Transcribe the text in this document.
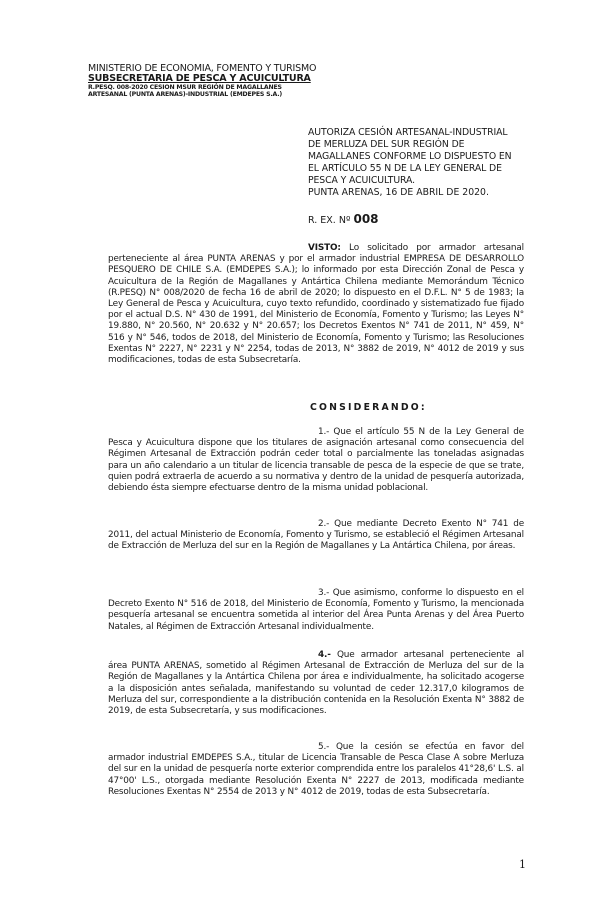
MINISTERIO DE ECONOMIA, FOMENTO Y TURISMO
SUBSECRETARIA DE PESCA Y ACUICULTURA
R.PESQ. 008-2020 CESION MSUR REGIÓN DE MAGALLANES
ARTESANAL (PUNTA ARENAS)-INDUSTRIAL (EMDEPES S.A.)
AUTORIZA CESIÓN ARTESANAL-INDUSTRIAL DE MERLUZA DEL SUR REGIÓN DE MAGALLANES CONFORME LO DISPUESTO EN EL ARTÍCULO 55 N DE LA LEY GENERAL DE PESCA Y ACUICULTURA.
PUNTA ARENAS, 16 DE ABRIL DE 2020.
R. EX. Nº 008
VISTO: Lo solicitado por armador artesanal perteneciente al área PUNTA ARENAS y por el armador industrial EMPRESA DE DESARROLLO PESQUERO DE CHILE S.A. (EMDEPES S.A.); lo informado por esta Dirección Zonal de Pesca y Acuicultura de la Región de Magallanes y Antártica Chilena mediante Memorándum Técnico (R.PESQ) N° 008/2020 de fecha 16 de abril de 2020; lo dispuesto en el D.F.L. N° 5 de 1983; la Ley General de Pesca y Acuicultura, cuyo texto refundido, coordinado y sistematizado fue fijado por el actual D.S. N° 430 de 1991, del Ministerio de Economía, Fomento y Turismo; las Leyes N° 19.880, N° 20.560, N° 20.632 y N° 20.657; los Decretos Exentos N° 741 de 2011, N° 459, N° 516 y N° 546, todos de 2018, del Ministerio de Economía, Fomento y Turismo; las Resoluciones Exentas N° 2227, N° 2231 y N° 2254, todas de 2013, N° 3882 de 2019, N° 4012 de 2019 y sus modificaciones, todas de esta Subsecretaría.
CONSIDERANDO:
1.- Que el artículo 55 N de la Ley General de Pesca y Acuicultura dispone que los titulares de asignación artesanal como consecuencia del Régimen Artesanal de Extracción podrán ceder total o parcialmente las toneladas asignadas para un año calendario a un titular de licencia transable de pesca de la especie de que se trate, quien podrá extraerla de acuerdo a su normativa y dentro de la unidad de pesquería autorizada, debiendo ésta siempre efectuarse dentro de la misma unidad poblacional.
2.- Que mediante Decreto Exento N° 741 de 2011, del actual Ministerio de Economía, Fomento y Turismo, se estableció el Régimen Artesanal de Extracción de Merluza del sur en la Región de Magallanes y La Antártica Chilena, por áreas.
3.- Que asimismo, conforme lo dispuesto en el Decreto Exento N° 516 de 2018, del Ministerio de Economía, Fomento y Turismo, la mencionada pesquería artesanal se encuentra sometida al interior del Área Punta Arenas y del Área Puerto Natales, al Régimen de Extracción Artesanal individualmente.
4.- Que armador artesanal perteneciente al área PUNTA ARENAS, sometido al Régimen Artesanal de Extracción de Merluza del sur de la Región de Magallanes y la Antártica Chilena por área e individualmente, ha solicitado acogerse a la disposición antes señalada, manifestando su voluntad de ceder 12.317,0 kilogramos de Merluza del sur, correspondiente a la distribución contenida en la Resolución Exenta N° 3882 de 2019, de esta Subsecretaría, y sus modificaciones.
5.- Que la cesión se efectúa en favor del armador industrial EMDEPES S.A., titular de Licencia Transable de Pesca Clase A sobre Merluza del sur en la unidad de pesquería norte exterior comprendida entre los paralelos 41°28,6' L.S. al 47°00' L.S., otorgada mediante Resolución Exenta N° 2227 de 2013, modificada mediante Resoluciones Exentas N° 2554 de 2013 y N° 4012 de 2019, todas de esta Subsecretaría.
1
